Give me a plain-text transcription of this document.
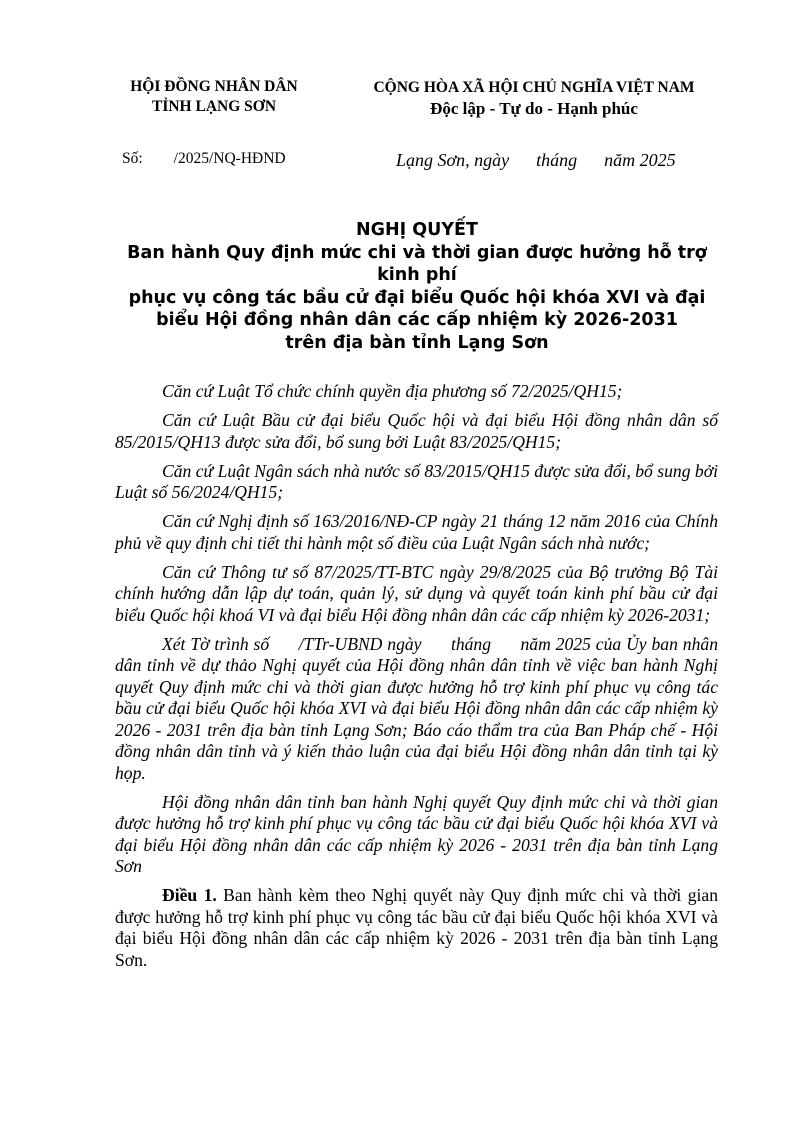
HỘI ĐỒNG NHÂN DÂN
TỈNH LẠNG SƠN
CỘNG HÒA XÃ HỘI CHỦ NGHĨA VIỆT NAM
Độc lập - Tự do - Hạnh phúc
Số:        /2025/NQ-HĐND	Lạng Sơn, ngày      tháng      năm 2025
NGHỊ QUYẾT
Ban hành Quy định mức chi và thời gian được hưởng hỗ trợ kinh phí
phục vụ công tác bầu cử đại biểu Quốc hội khóa XVI và đại biểu Hội đồng nhân dân các cấp nhiệm kỳ 2026-2031
trên địa bàn tỉnh Lạng Sơn

Căn cứ Luật Tổ chức chính quyền địa phương số 72/2025/QH15;

Căn cứ Luật Bầu cử đại biểu Quốc hội và đại biểu Hội đồng nhân dân số 85/2015/QH13 được sửa đổi, bổ sung bởi Luật 83/2025/QH15;

Căn cứ Luật Ngân sách nhà nước số 83/2015/QH15 được sửa đổi, bổ sung bởi Luật số 56/2024/QH15;

Căn cứ Nghị định số 163/2016/NĐ-CP ngày 21 tháng 12 năm 2016 của Chính phủ về quy định chi tiết thi hành một số điều của Luật Ngân sách nhà nước;

Căn cứ Thông tư số 87/2025/TT-BTC ngày 29/8/2025 của Bộ trưởng Bộ Tài chính hướng dẫn lập dự toán, quản lý, sử dụng và quyết toán kinh phí bầu cử đại biểu Quốc hội khoá VI và đại biểu Hội đồng nhân dân các cấp nhiệm kỳ 2026-2031;

Xét Tờ trình số      /TTr-UBND ngày      tháng      năm 2025 của Ủy ban nhân dân tỉnh về dự thảo Nghị quyết của Hội đồng nhân dân tỉnh về việc ban hành Nghị quyết Quy định mức chi và thời gian được hưởng hỗ trợ kinh phí phục vụ công tác bầu cử đại biểu Quốc hội khóa XVI và đại biểu Hội đồng nhân dân các cấp nhiệm kỳ 2026 - 2031 trên địa bàn tỉnh Lạng Sơn; Báo cáo thẩm tra của Ban Pháp chế - Hội đồng nhân dân tỉnh và ý kiến thảo luận của đại biểu Hội đồng nhân dân tỉnh tại kỳ họp.

Hội đồng nhân dân tỉnh ban hành Nghị quyết Quy định mức chi và thời gian được hưởng hỗ trợ kinh phí phục vụ công tác bầu cử đại biểu Quốc hội khóa XVI và đại biểu Hội đồng nhân dân các cấp nhiệm kỳ 2026 - 2031 trên địa bàn tỉnh Lạng Sơn

Điều 1. Ban hành kèm theo Nghị quyết này Quy định mức chi và thời gian được hưởng hỗ trợ kinh phí phục vụ công tác bầu cử đại biểu Quốc hội khóa XVI và đại biểu Hội đồng nhân dân các cấp nhiệm kỳ 2026 - 2031 trên địa bàn tỉnh Lạng Sơn.
